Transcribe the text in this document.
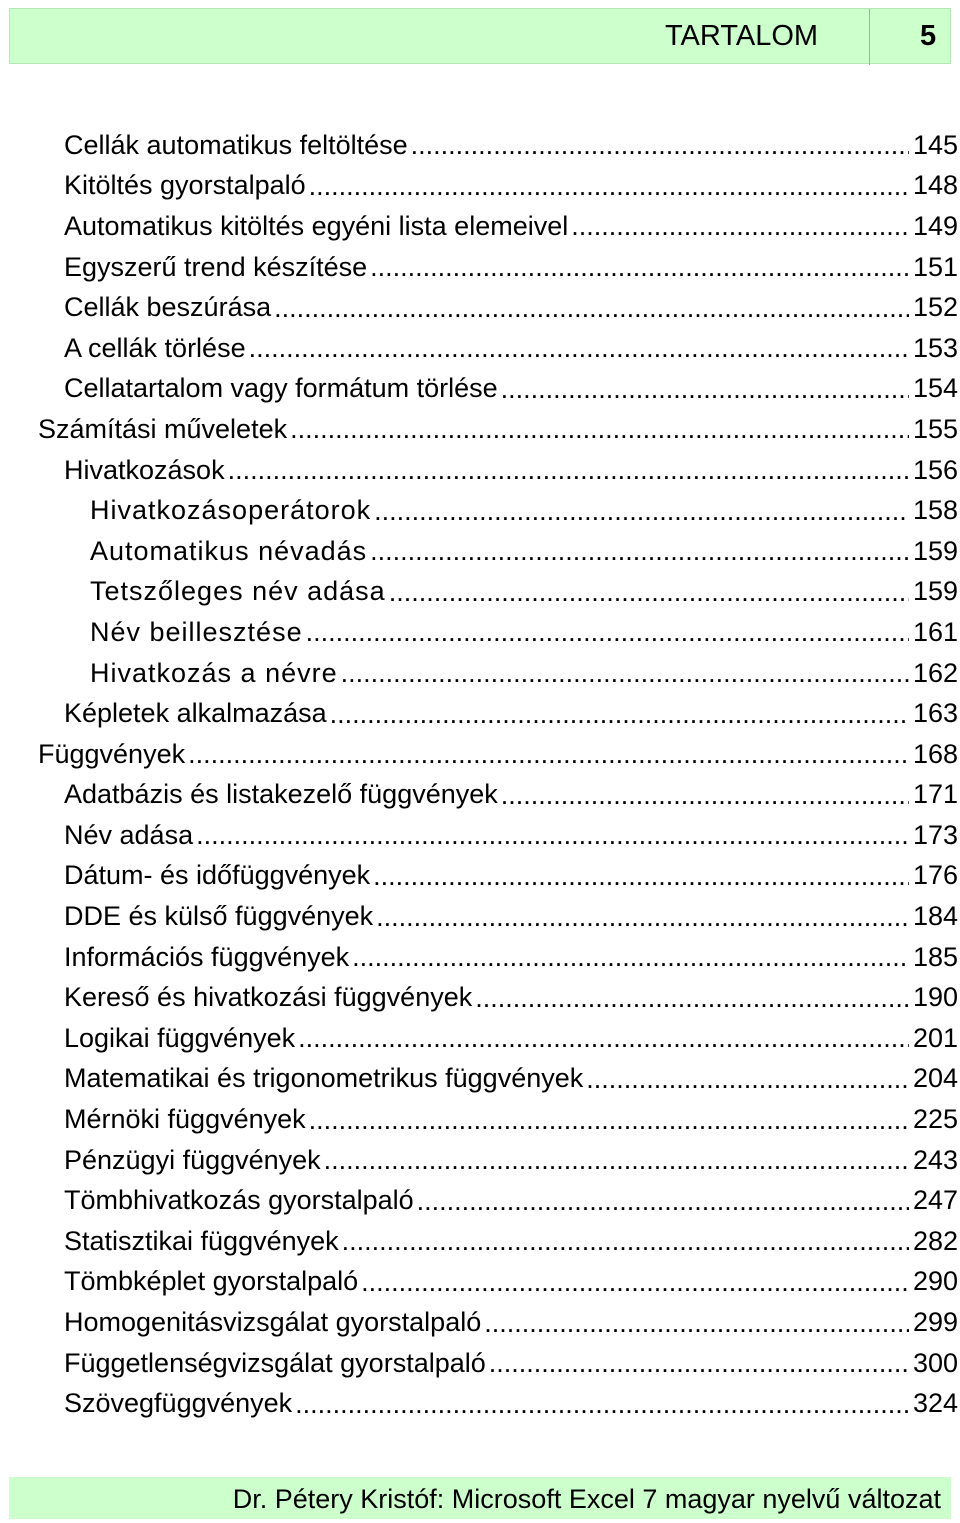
TARTALOM	5
Cellák automatikus feltöltése .....	145
Kitöltés gyorstalpaló .....	148
Automatikus kitöltés egyéni lista elemeivel .....	149
Egyszerű trend készítése .....	151
Cellák beszúrása .....	152
A cellák törlése .....	153
Cellatartalom vagy formátum törlése .....	154
Számítási műveletek .....	155
Hivatkozások .....	156
Hivatkozásoperátorok .....	158
Automatikus névadás .....	159
Tetszőleges név adása .....	159
Név beillesztése .....	161
Hivatkozás a névre .....	162
Képletek alkalmazása .....	163
Függvények .....	168
Adatbázis és listakezelő függvények .....	171
Név adása .....	173
Dátum- és időfüggvények .....	176
DDE és külső függvények .....	184
Információs függvények .....	185
Kereső és hivatkozási függvények .....	190
Logikai függvények .....	201
Matematikai és trigonometrikus függvények .....	204
Mérnöki függvények .....	225
Pénzügyi függvények .....	243
Tömbhivatkozás gyorstalpaló .....	247
Statisztikai függvények .....	282
Tömbképlet gyorstalpaló .....	290
Homogenitásvizsgálat gyorstalpaló .....	299
Függetlenségvizsgálat gyorstalpaló .....	300
Szövegfüggvények .....	324
Dr. Pétery Kristóf: Microsoft Excel 7 magyar nyelvű változat
